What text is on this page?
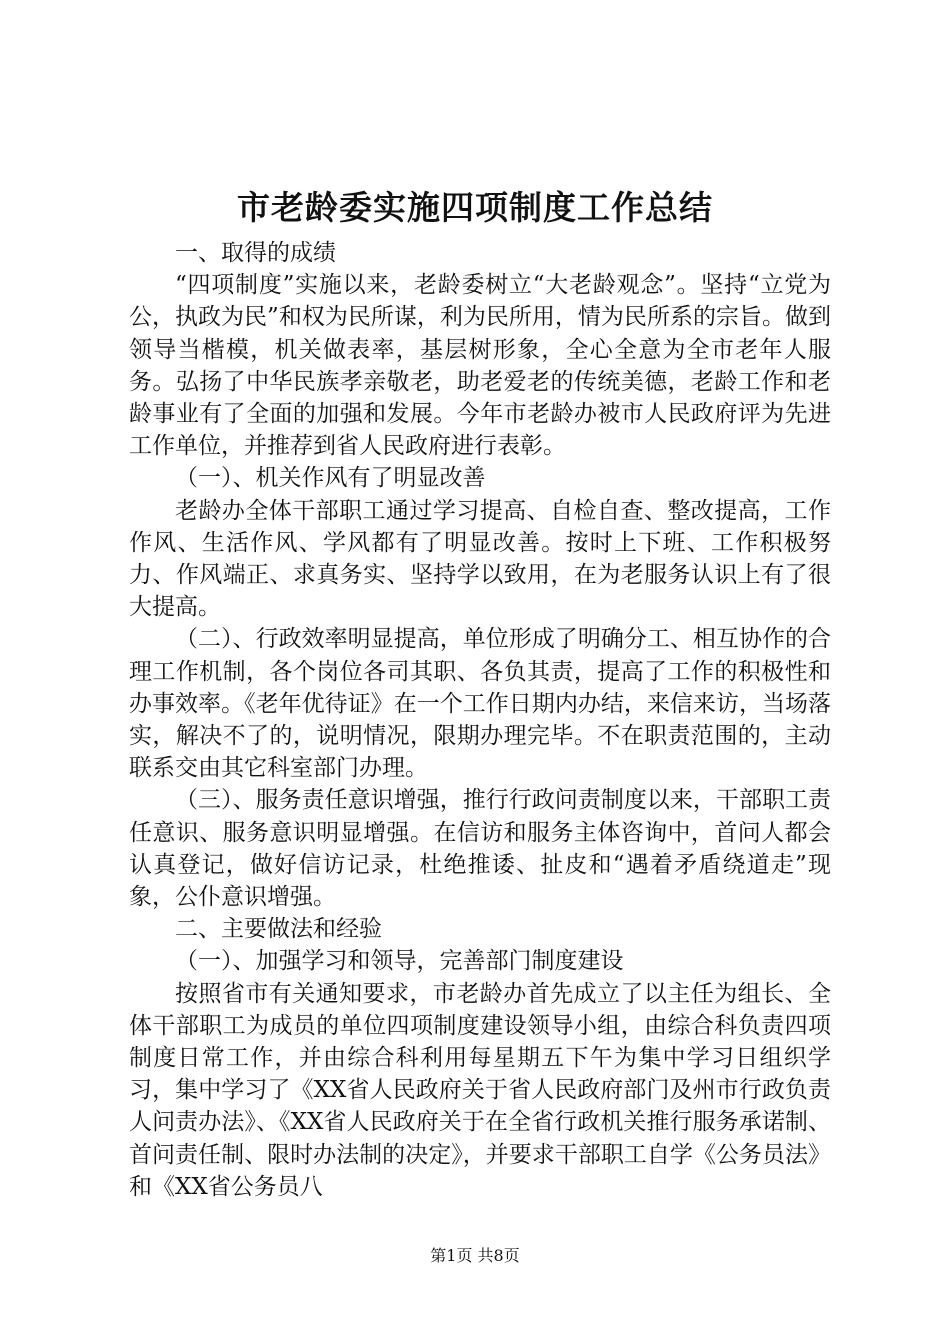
市老龄委实施四项制度工作总结

一、取得的成绩

“四项制度”实施以来，老龄委树立“大老龄观念”。坚持“立党为公，执政为民”和权为民所谋，利为民所用，情为民所系的宗旨。做到领导当楷模，机关做表率，基层树形象，全心全意为全市老年人服务。弘扬了中华民族孝亲敬老，助老爱老的传统美德，老龄工作和老龄事业有了全面的加强和发展。今年市老龄办被市人民政府评为先进工作单位，并推荐到省人民政府进行表彰。

（一）、机关作风有了明显改善

老龄办全体干部职工通过学习提高、自检自查、整改提高，工作作风、生活作风、学风都有了明显改善。按时上下班、工作积极努力、作风端正、求真务实、坚持学以致用，在为老服务认识上有了很大提高。

（二）、行政效率明显提高，单位形成了明确分工、相互协作的合理工作机制，各个岗位各司其职、各负其责，提高了工作的积极性和办事效率。《老年优待证》在一个工作日期内办结，来信来访，当场落实，解决不了的，说明情况，限期办理完毕。不在职责范围的，主动联系交由其它科室部门办理。

（三）、服务责任意识增强，推行行政问责制度以来，干部职工责任意识、服务意识明显增强。在信访和服务主体咨询中，首问人都会认真登记，做好信访记录，杜绝推诿、扯皮和“遇着矛盾绕道走”现象，公仆意识增强。

二、主要做法和经验

（一）、加强学习和领导，完善部门制度建设

按照省市有关通知要求，市老龄办首先成立了以主任为组长、全体干部职工为成员的单位四项制度建设领导小组，由综合科负责四项制度日常工作，并由综合科利用每星期五下午为集中学习日组织学习，集中学习了《XX省人民政府关于省人民政府部门及州市行政负责人问责办法》、《XX省人民政府关于在全省行政机关推行服务承诺制、首问责任制、限时办法制的决定》，并要求干部职工自学《公务员法》和《XX省公务员八

第1页 共8页
